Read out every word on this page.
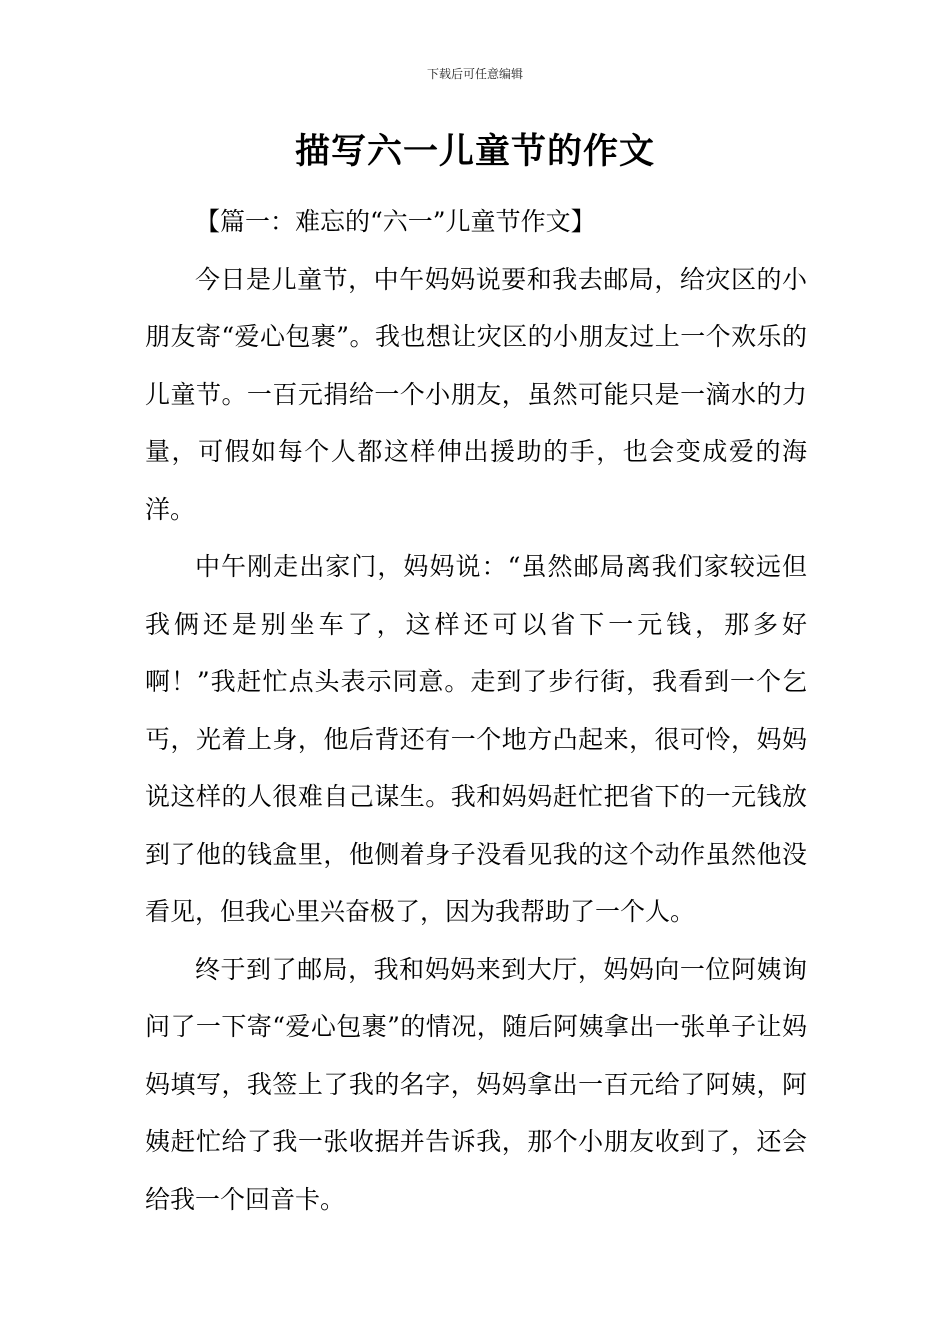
下载后可任意编辑
描写六一儿童节的作文

【篇一：难忘的“六一”儿童节作文】

今日是儿童节，中午妈妈说要和我去邮局，给灾区的小朋友寄“爱心包裹”。我也想让灾区的小朋友过上一个欢乐的儿童节。一百元捐给一个小朋友，虽然可能只是一滴水的力量，可假如每个人都这样伸出援助的手，也会变成爱的海洋。

中午刚走出家门，妈妈说：“虽然邮局离我们家较远但我俩还是别坐车了，这样还可以省下一元钱，那多好啊！”我赶忙点头表示同意。走到了步行街，我看到一个乞丐，光着上身，他后背还有一个地方凸起来，很可怜，妈妈说这样的人很难自己谋生。我和妈妈赶忙把省下的一元钱放到了他的钱盒里，他侧着身子没看见我的这个动作虽然他没看见，但我心里兴奋极了，因为我帮助了一个人。

终于到了邮局，我和妈妈来到大厅，妈妈向一位阿姨询问了一下寄“爱心包裹”的情况，随后阿姨拿出一张单子让妈妈填写，我签上了我的名字，妈妈拿出一百元给了阿姨，阿姨赶忙给了我一张收据并告诉我，那个小朋友收到了，还会给我一个回音卡。
